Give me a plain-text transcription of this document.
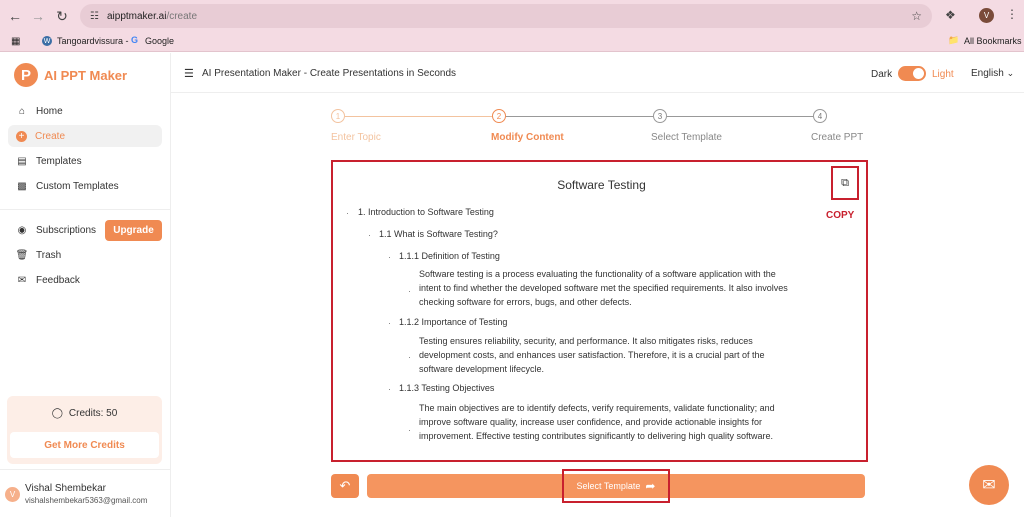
← → ↻	☷ aipptmaker.ai/create	☆ ❖	V	⋮
▦	W Tangoardvissura - G Google	📁 All Bookmarks
P	AI PPT Maker
⌂ Home
+ Create
▤ Templates
▩ Custom Templates
◉ Subscriptions	Upgrade
🗑 Trash
✉ Feedback
◯ Credits: 50
Get More Credits
V Vishal Shembekar
vishalshembekar5363@gmail.com
☰ AI Presentation Maker - Create Presentations in Seconds	Dark	Light English ⌄
1	2	3	4
Enter Topic	Modify Content	Select Template	Create PPT
Software Testing	⧉
COPY
· 1. Introduction to Software Testing
· 1.1 What is Software Testing?
· 1.1.1 Definition of Testing
·
Software testing is a process evaluating the functionality of a software application with the intent to find whether the developed software met the specified requirements. It also involves checking software for errors, bugs, and other defects.
· 1.1.2 Importance of Testing
·
Testing ensures reliability, security, and performance. It also mitigates risks, reduces development costs, and enhances user satisfaction. Therefore, it is a crucial part of the software development lifecycle.
· 1.1.3 Testing Objectives
·
The main objectives are to identify defects, verify requirements, validate functionality; and improve software quality, increase user confidence, and provide actionable insights for improvement. Effective testing contributes significantly to delivering high quality software.
↶	Select Template ➦	✉
